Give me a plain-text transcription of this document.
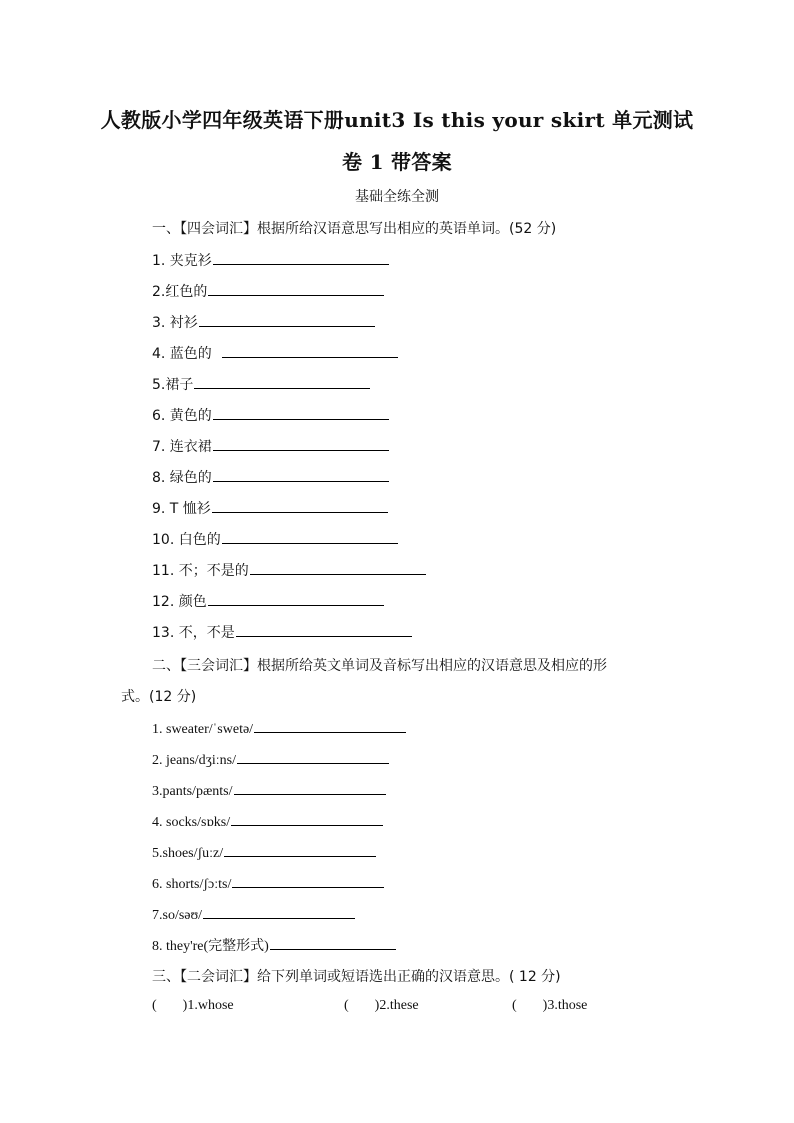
人教版小学四年级英语下册unit3 Is this your skirt 单元测试
卷 1 带答案
基础全练全测
一、【四会词汇】根据所给汉语意思写出相应的英语单词。(52 分)
1. 夹克衫
2.红色的
3. 衬衫
4. 蓝色的
5.裙子
6. 黄色的
7. 连衣裙
8. 绿色的
9. T 恤衫
10. 白色的
11. 不；不是的
12. 颜色
13. 不，不是
二、【三会词汇】根据所给英文单词及音标写出相应的汉语意思及相应的形
式。(12 分)
1. sweater/ˈswetə/
2. jeans/dʒiːns/
3.pants/pænts/
4. socks/sɒks/
5.shoes/ʃuːz/
6. shorts/ʃɔːts/
7.so/səʊ/
8. they're(完整形式)
三、【二会词汇】给下列单词或短语选出正确的汉语意思。( 12 分)
( )1.whose	( )2.these	( )3.those
